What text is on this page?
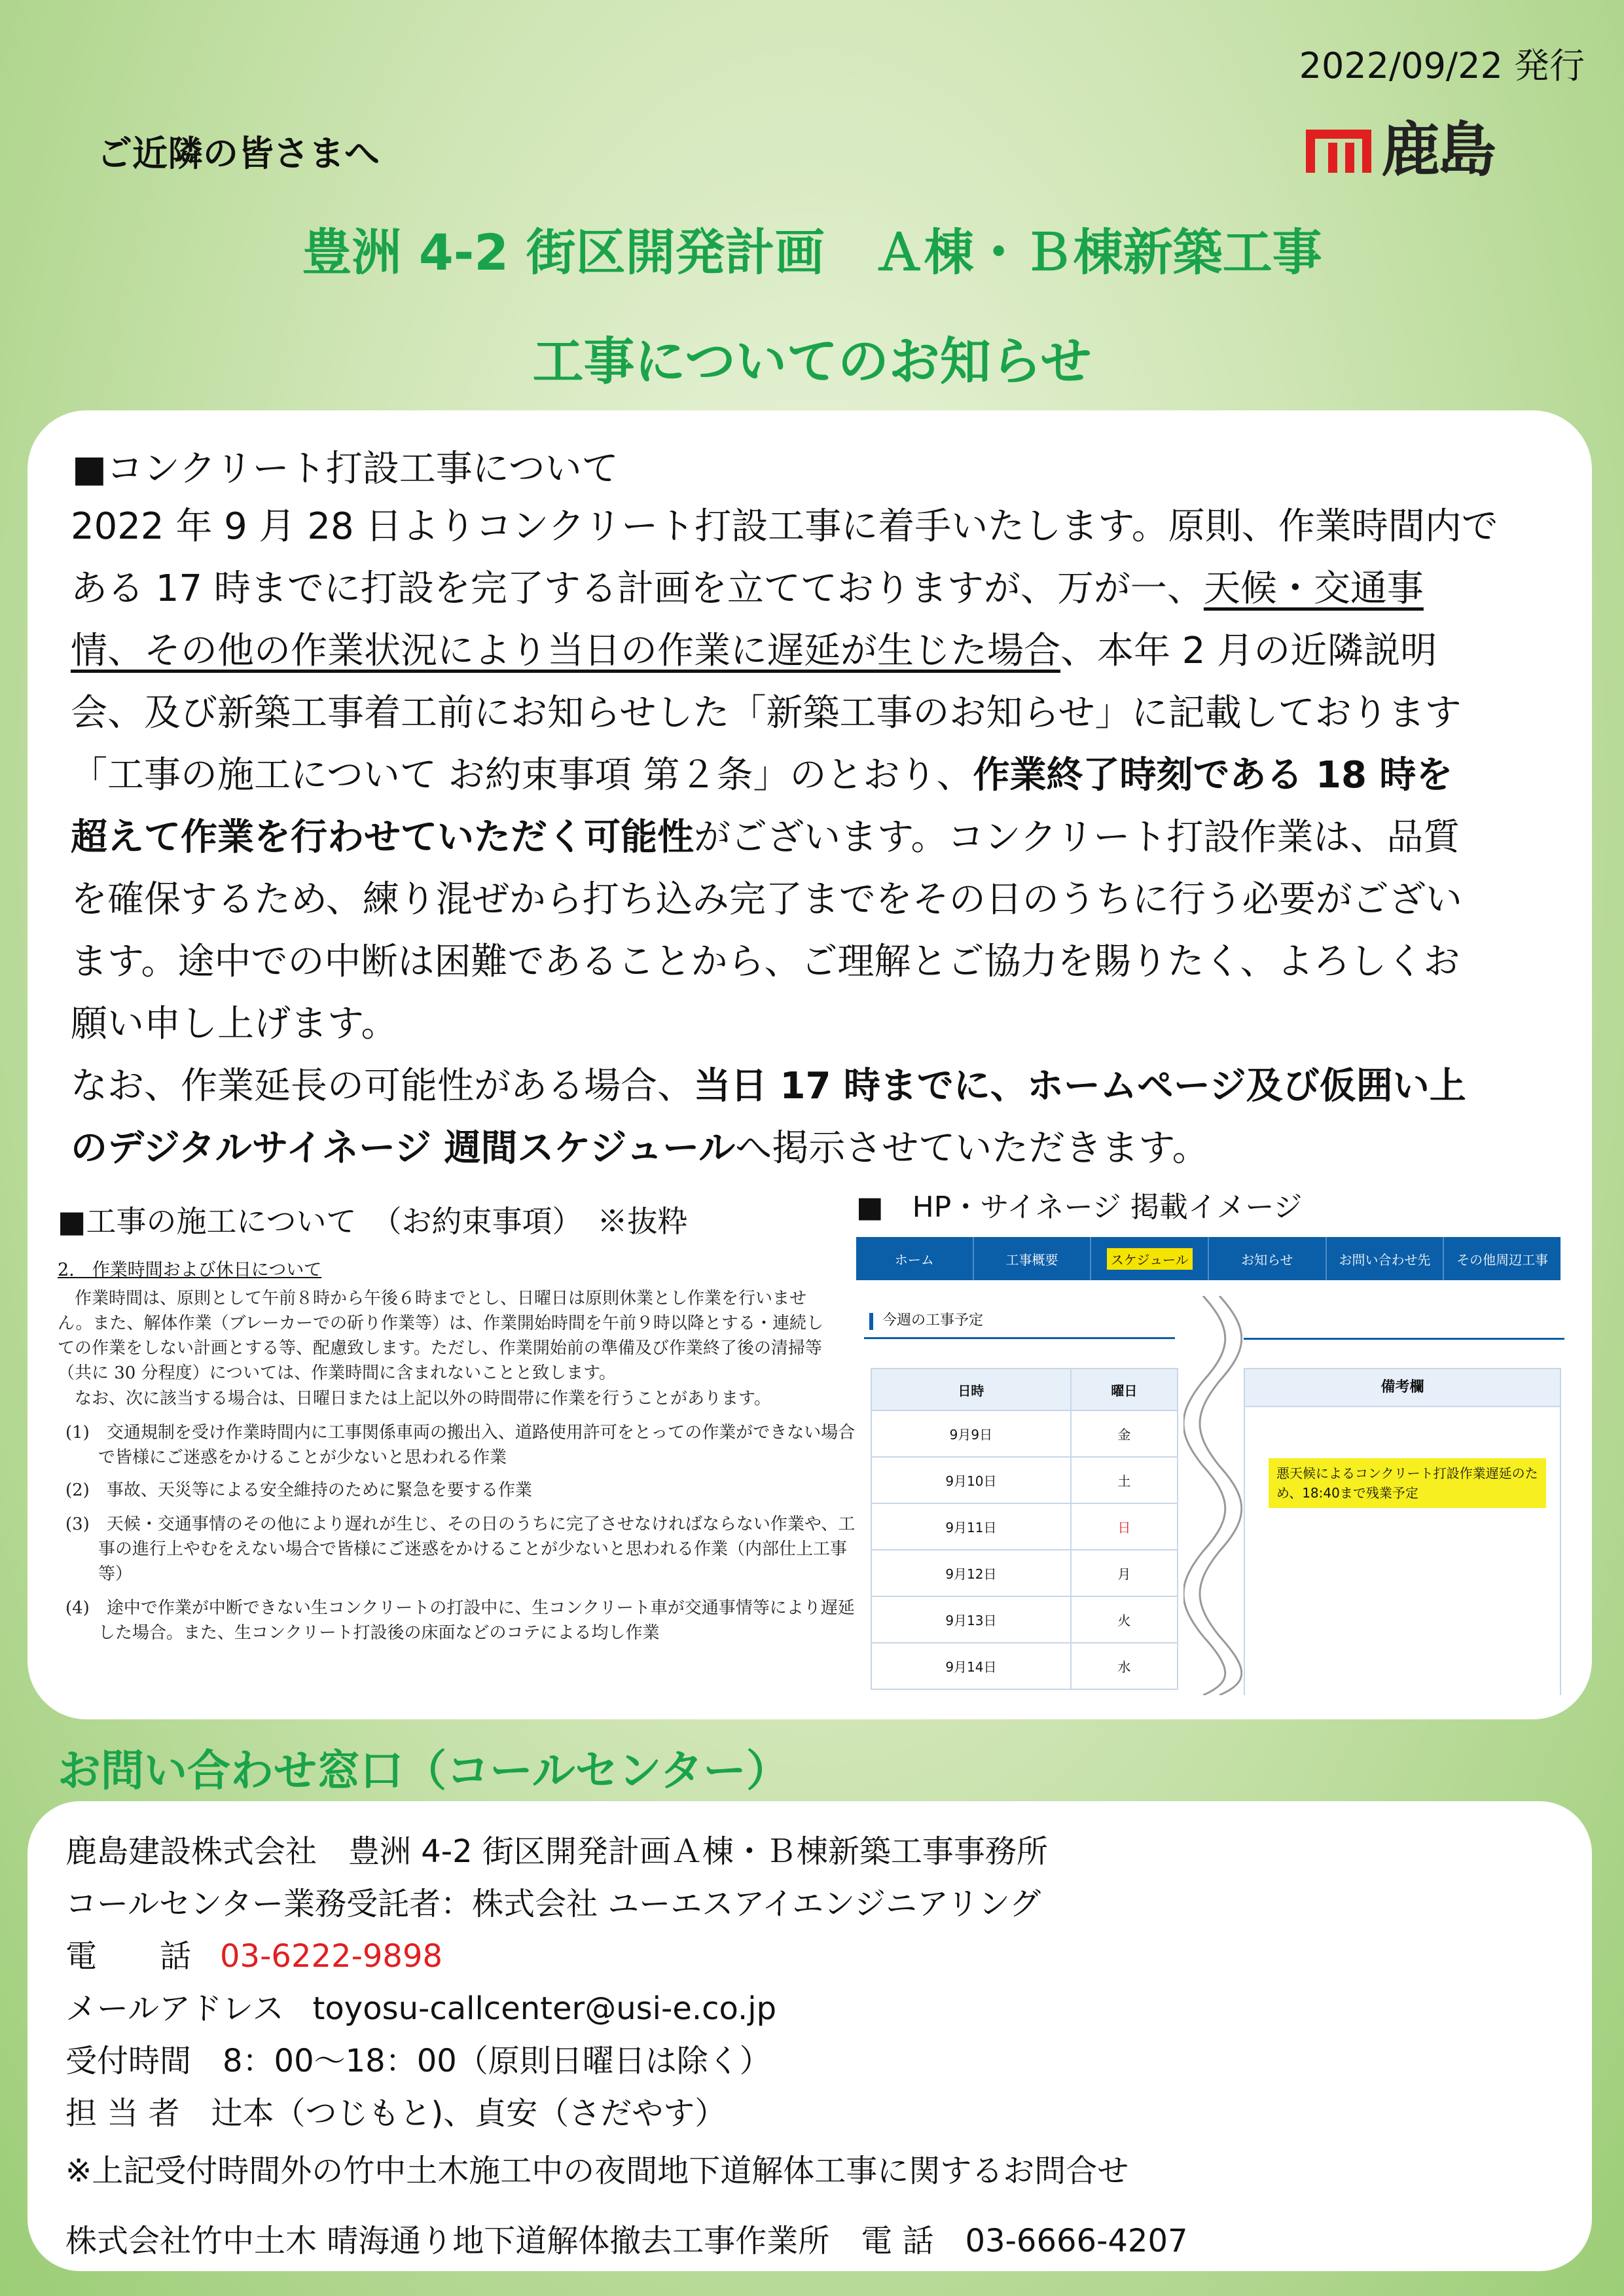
2022/09/22 発行
ご近隣の皆さまへ	鹿島
豊洲 4-2 街区開発計画　Ａ棟・Ｂ棟新築工事
工事についてのお知らせ
■コンクリート打設工事について
2022 年 9 月 28 日よりコンクリート打設工事に着手いたします。原則、作業時間内で
ある 17 時までに打設を完了する計画を立てておりますが、万が一、天候・交通事
情、その他の作業状況により当日の作業に遅延が生じた場合、本年 2 月の近隣説明
会、及び新築工事着工前にお知らせした「新築工事のお知らせ」に記載しております
「工事の施工について お約束事項 第２条」のとおり、作業終了時刻である 18 時を
超えて作業を行わせていただく可能性がございます。コンクリート打設作業は、品質
を確保するため、練り混ぜから打ち込み完了までをその日のうちに行う必要がござい
ます。途中での中断は困難であることから、ご理解とご協力を賜りたく、よろしくお
願い申し上げます。
なお、作業延長の可能性がある場合、当日 17 時までに、ホームページ及び仮囲い上
のデジタルサイネージ 週間スケジュールへ掲示させていただきます。
■工事の施工について　（お約束事項）　※抜粋
2.　作業時間および休日について
作業時間は、原則として午前８時から午後６時までとし、日曜日は原則休業とし作業を行いません。また、解体作業（ブレーカーでの斫り作業等）は、作業開始時間を午前９時以降とする・連続しての作業をしない計画とする等、配慮致します。ただし、作業開始前の準備及び作業終了後の清掃等（共に 30 分程度）については、作業時間に含まれないことと致します。
なお、次に該当する場合は、日曜日または上記以外の時間帯に作業を行うことがあります。
(1)　交通規制を受け作業時間内に工事関係車両の搬出入、道路使用許可をとっての作業ができない場合で皆様にご迷惑をかけることが少ないと思われる作業
(2)　事故、天災等による安全維持のために緊急を要する作業
(3)　天候・交通事情のその他により遅れが生じ、その日のうちに完了させなければならない作業や、工事の進行上やむをえない場合で皆様にご迷惑をかけることが少ないと思われる作業（内部仕上工事等）
(4)　途中で作業が中断できない生コンクリートの打設中に、生コンクリート車が交通事情等により遅延した場合。また、生コンクリート打設後の床面などのコテによる均し作業
■　HP・サイネージ 掲載イメージ
ホーム	工事概要	スケジュール	お知らせ	お問い合わせ先	その他周辺工事
今週の工事予定
日時	曜日
9月9日	金
9月10日	土
9月11日	日
9月12日	月
9月13日	火
9月14日	水
備考欄
悪天候によるコンクリート打設作業遅延のため、18:40まで残業予定
お問い合わせ窓口（コールセンター）
鹿島建設株式会社　豊洲 4-2 街区開発計画Ａ棟・Ｂ棟新築工事事務所
コールセンター業務受託者：株式会社 ユーエスアイエンジニアリング
電　　話 03-6222-9898
メールアドレス toyosu-callcenter@usi-e.co.jp
受付時間　8：00～18：00（原則日曜日は除く）
担 当 者　辻本（つじもと)、貞安（さだやす）
※上記受付時間外の竹中土木施工中の夜間地下道解体工事に関するお問合せ
株式会社竹中土木 晴海通り地下道解体撤去工事作業所　電 話　03-6666-4207
